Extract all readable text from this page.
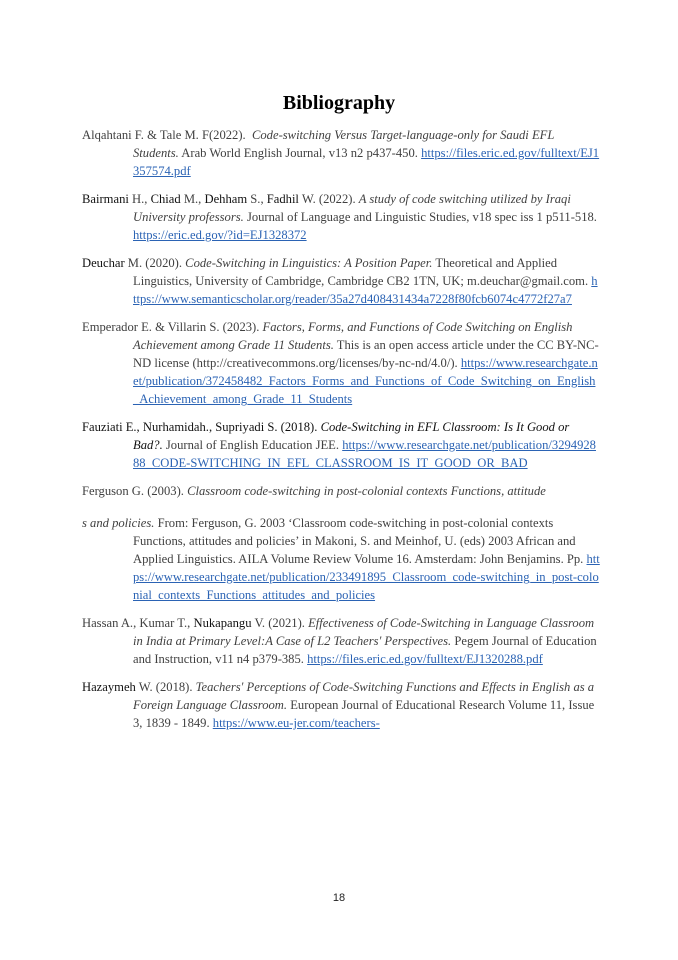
Bibliography

Alqahtani F. & Tale M. F(2022). Code-switching Versus Target-language-only for Saudi EFL Students. Arab World English Journal, v13 n2 p437-450. https://files.eric.ed.gov/fulltext/EJ1357574.pdf

Bairmani H., Chiad M., Dehham S., Fadhil W. (2022). A study of code switching utilized by Iraqi University professors. Journal of Language and Linguistic Studies, v18 spec iss 1 p511-518. https://eric.ed.gov/?id=EJ1328372

Deuchar M. (2020). Code-Switching in Linguistics: A Position Paper. Theoretical and Applied Linguistics, University of Cambridge, Cambridge CB2 1TN, UK; m.deuchar@gmail.com. https://www.semanticscholar.org/reader/35a27d408431434a7228f80fcb6074c4772f27a7

Emperador E. & Villarin S. (2023). Factors, Forms, and Functions of Code Switching on English Achievement among Grade 11 Students. This is an open access article under the CC BY-NC-ND license (http://creativecommons.org/licenses/by-nc-nd/4.0/). https://www.researchgate.net/publication/372458482_Factors_Forms_and_Functions_of_Code_Switching_on_English_Achievement_among_Grade_11_Students

Fauziati E., Nurhamidah., Supriyadi S. (2018). Code-Switching in EFL Classroom: Is It Good or Bad?. Journal of English Education JEE. https://www.researchgate.net/publication/329492888_CODE-SWITCHING_IN_EFL_CLASSROOM_IS_IT_GOOD_OR_BAD

Ferguson G. (2003). Classroom code-switching in post-colonial contexts Functions, attitude

s and policies. From: Ferguson, G. 2003 ‘Classroom code-switching in post-colonial contexts Functions, attitudes and policies’ in Makoni, S. and Meinhof, U. (eds) 2003 African and Applied Linguistics. AILA Volume Review Volume 16. Amsterdam: John Benjamins. Pp. https://www.researchgate.net/publication/233491895_Classroom_code-switching_in_post-colonial_contexts_Functions_attitudes_and_policies

Hassan A., Kumar T., Nukapangu V. (2021). Effectiveness of Code-Switching in Language Classroom in India at Primary Level:A Case of L2 Teachers' Perspectives. Pegem Journal of Education and Instruction, v11 n4 p379-385. https://files.eric.ed.gov/fulltext/EJ1320288.pdf

Hazaymeh W. (2018). Teachers' Perceptions of Code-Switching Functions and Effects in English as a Foreign Language Classroom. European Journal of Educational Research Volume 11, Issue 3, 1839 - 1849. https://www.eu-jer.com/teachers-

18
